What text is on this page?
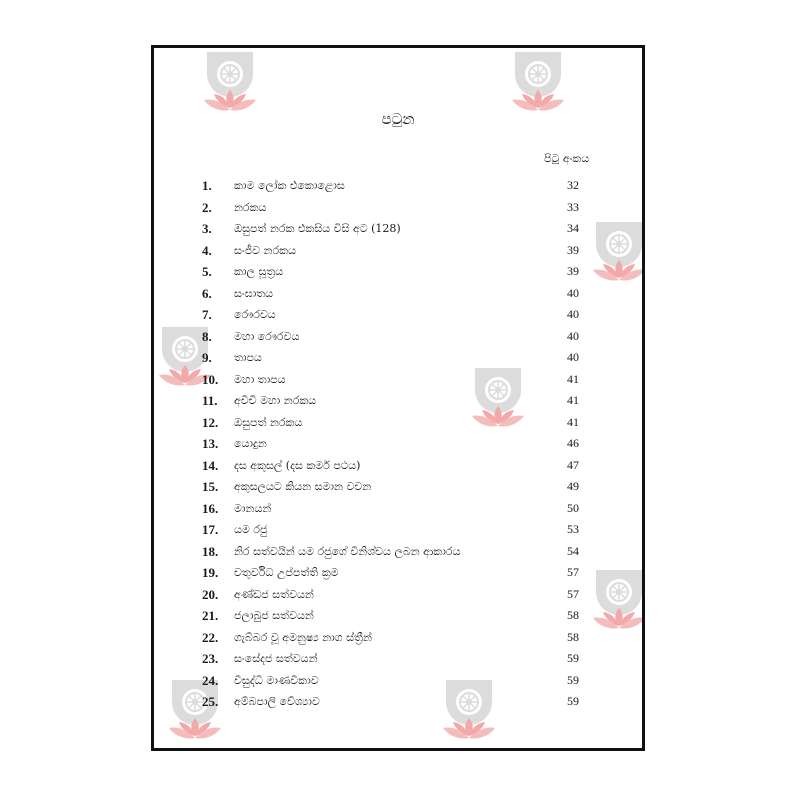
පටුන
පිටු අංකය
1. කාම ලෝක එකොළොස	32
2. නරකය	33
3. ඔසුපත් නරක එකසිය විසි අට (128)	34
4. සංජීව නරකය	39
5. කාල සූත්‍රය	39
6. සංඝාතය	40
7. රෞරවය	40
8. මහා රෞරවය	40
9. තාපය	40
10. මහා තාපය	41
11. අවීචි මහා නරකය	41
12. ඔසුපත් නරකය	41
13. යොදුන	46
14. දස අකුසල් (දස කර්ම පථය)	47
15. අකුසලයට කියන සමාන වචන	49
16. මානයන්	50
17. යම රජු	53
18. නිර සත්වයින් යම රජුගේ විනිශ්චය ලබන ආකාරය	54
19. චතුර්විධ උප්පත්ති ක්‍රම	57
20. අණ්ඩජ සත්වයන්	57
21. ජලාබුජ සත්වයන්	58
22. ගැබ්බර වූ අමනුෂ්‍ය නාග ස්ත්‍රීන්	58
23. සංසේදජ සත්වයන්	59
24. විසුද්ධි මාණවිකාව	59
25. අම්බපාලි වේශ්‍යාව	59
